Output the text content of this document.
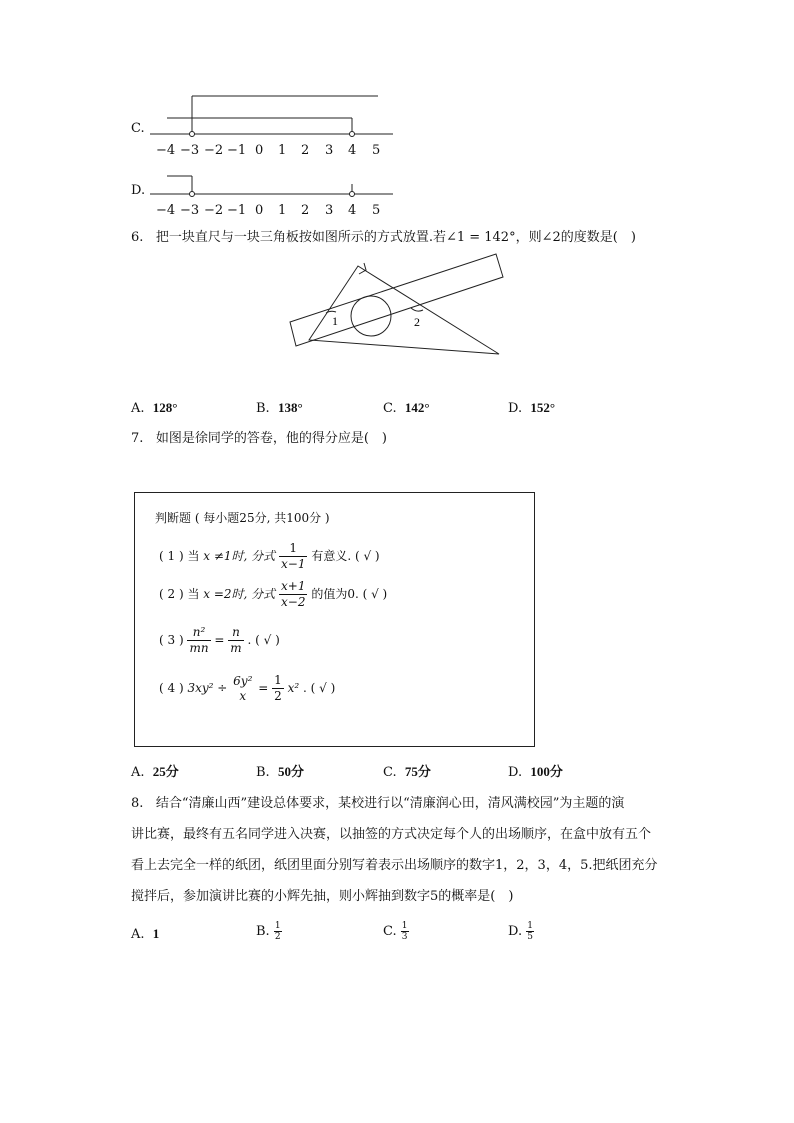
C.
−4 −3 −2 −1 0 1 2 3 4 5
D.
−4 −3 −2 −1 0 1 2 3 4 5
6. 把一块直尺与一块三角板按如图所示的方式放置.若∠1 = 142°，则∠2的度数是(　)
1	2
A. 128°	B. 138°	C. 142°	D. 152°
7. 如图是徐同学的答卷，他的得分应是(　)
判断题 ( 每小题25分, 共100分 )
( 1 ) 当 x ≠1时, 分式 $\frac{1}{x-1}$ 有意义. ( √ )
( 2 ) 当 x =2时, 分式 $\frac{x+1}{x-2}$ 的值为0. ( √ )
( 3 ) $\frac{\text{n²}}{mn} = \frac{n}{m}$ . ( √ )
( 4 ) 3xy² ÷
6y²
x
= $\frac{1}{2} x^2$ . ( √ )
A. 25分	B. 50分	C. 75分	D. 100分
8. 结合“清廉山西”建设总体要求，某校进行以“清廉润心田，清风满校园”为主题的演
讲比赛，最终有五名同学进入决赛，以抽签的方式决定每个人的出场顺序，在盒中放有五个
看上去完全一样的纸团，纸团里面分别写着表示出场顺序的数字1，2，3，4，5.把纸团充分
搅拌后，参加演讲比赛的小辉先抽，则小辉抽到数字5的概率是(　)
A. 1	B. $\frac{1}{2}$	C. $\frac{1}{3}$	D. $\frac{1}{5}$
